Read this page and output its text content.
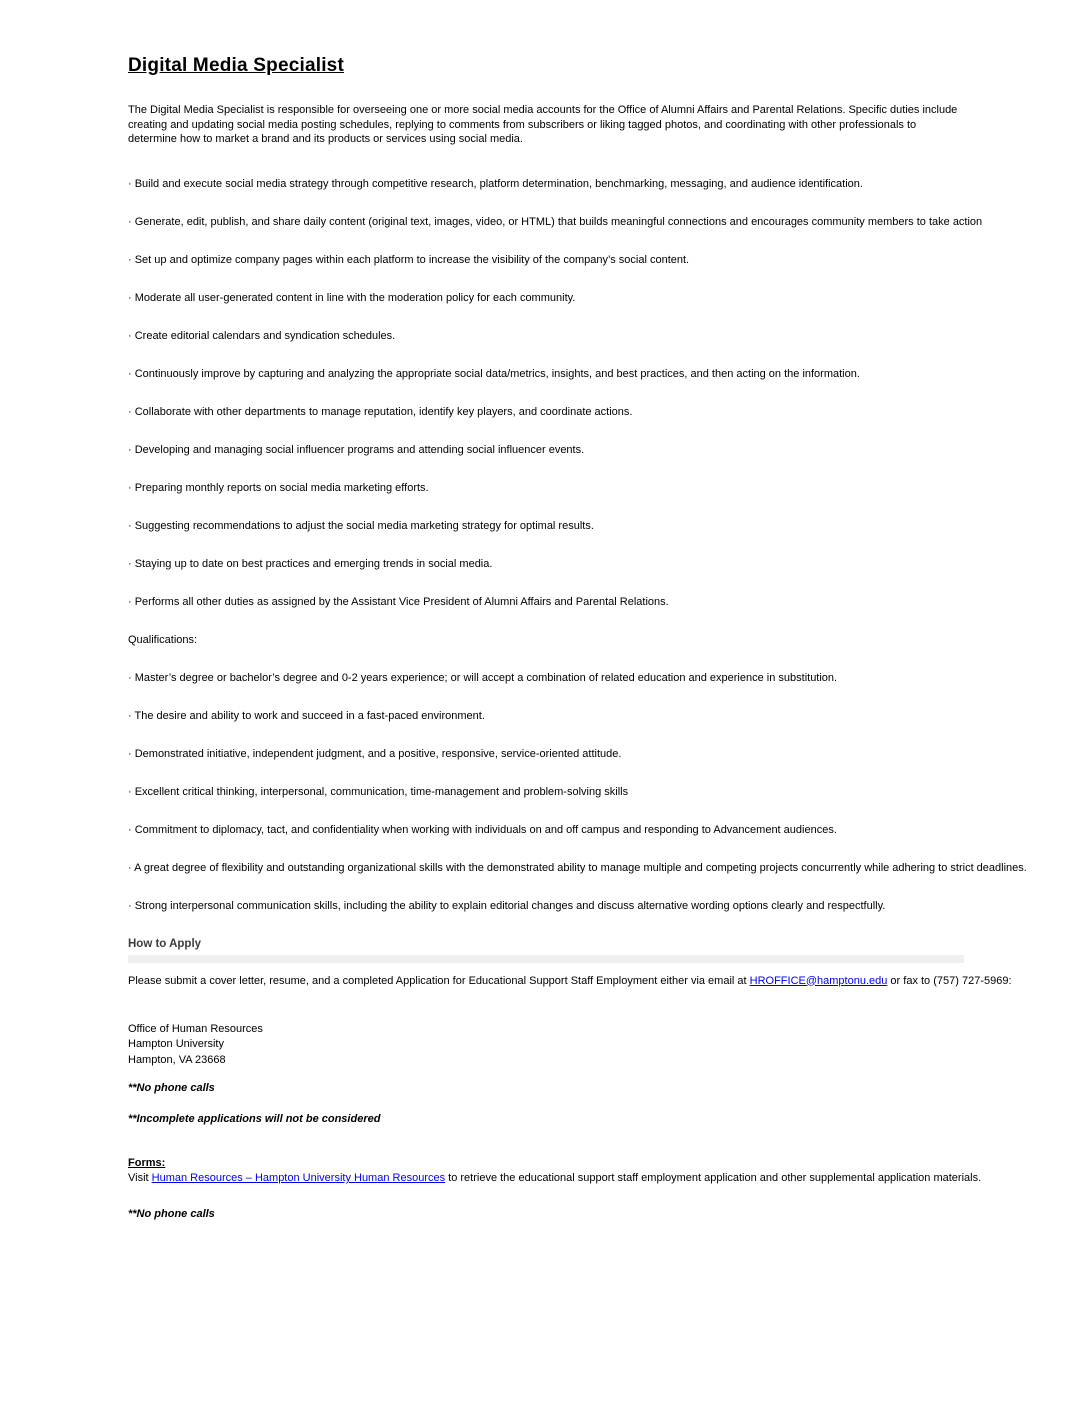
Digital Media Specialist

The Digital Media Specialist is responsible for overseeing one or more social media accounts for the Office of Alumni Affairs and Parental Relations. Specific duties include creating and updating social media posting schedules, replying to comments from subscribers or liking tagged photos, and coordinating with other professionals to determine how to market a brand and its products or services using social media.

· Build and execute social media strategy through competitive research, platform determination, benchmarking, messaging, and audience identification.
· Generate, edit, publish, and share daily content (original text, images, video, or HTML) that builds meaningful connections and encourages community members to take action
· Set up and optimize company pages within each platform to increase the visibility of the company’s social content.
· Moderate all user-generated content in line with the moderation policy for each community.
· Create editorial calendars and syndication schedules.
· Continuously improve by capturing and analyzing the appropriate social data/metrics, insights, and best practices, and then acting on the information.
· Collaborate with other departments to manage reputation, identify key players, and coordinate actions.
· Developing and managing social influencer programs and attending social influencer events.
· Preparing monthly reports on social media marketing efforts.
· Suggesting recommendations to adjust the social media marketing strategy for optimal results.
· Staying up to date on best practices and emerging trends in social media.
· Performs all other duties as assigned by the Assistant Vice President of Alumni Affairs and Parental Relations.
Qualifications:
· Master’s degree or bachelor’s degree and 0-2 years experience; or will accept a combination of related education and experience in substitution.
· The desire and ability to work and succeed in a fast-paced environment.
· Demonstrated initiative, independent judgment, and a positive, responsive, service-oriented attitude.
· Excellent critical thinking, interpersonal, communication, time-management and problem-solving skills
· Commitment to diplomacy, tact, and confidentiality when working with individuals on and off campus and responding to Advancement audiences.
· A great degree of flexibility and outstanding organizational skills with the demonstrated ability to manage multiple and competing projects concurrently while adhering to strict deadlines.
· Strong interpersonal communication skills, including the ability to explain editorial changes and discuss alternative wording options clearly and respectfully.
How to Apply

Please submit a cover letter, resume, and a completed Application for Educational Support Staff Employment either via email at HROFFICE@hamptonu.edu or fax to (757) 727-5969:

Office of Human Resources
Hampton University
Hampton, VA 23668
**No phone calls
**Incomplete applications will not be considered
Forms:

Visit Human Resources – Hampton University Human Resources to retrieve the educational support staff employment application and other supplemental application materials.

**No phone calls
